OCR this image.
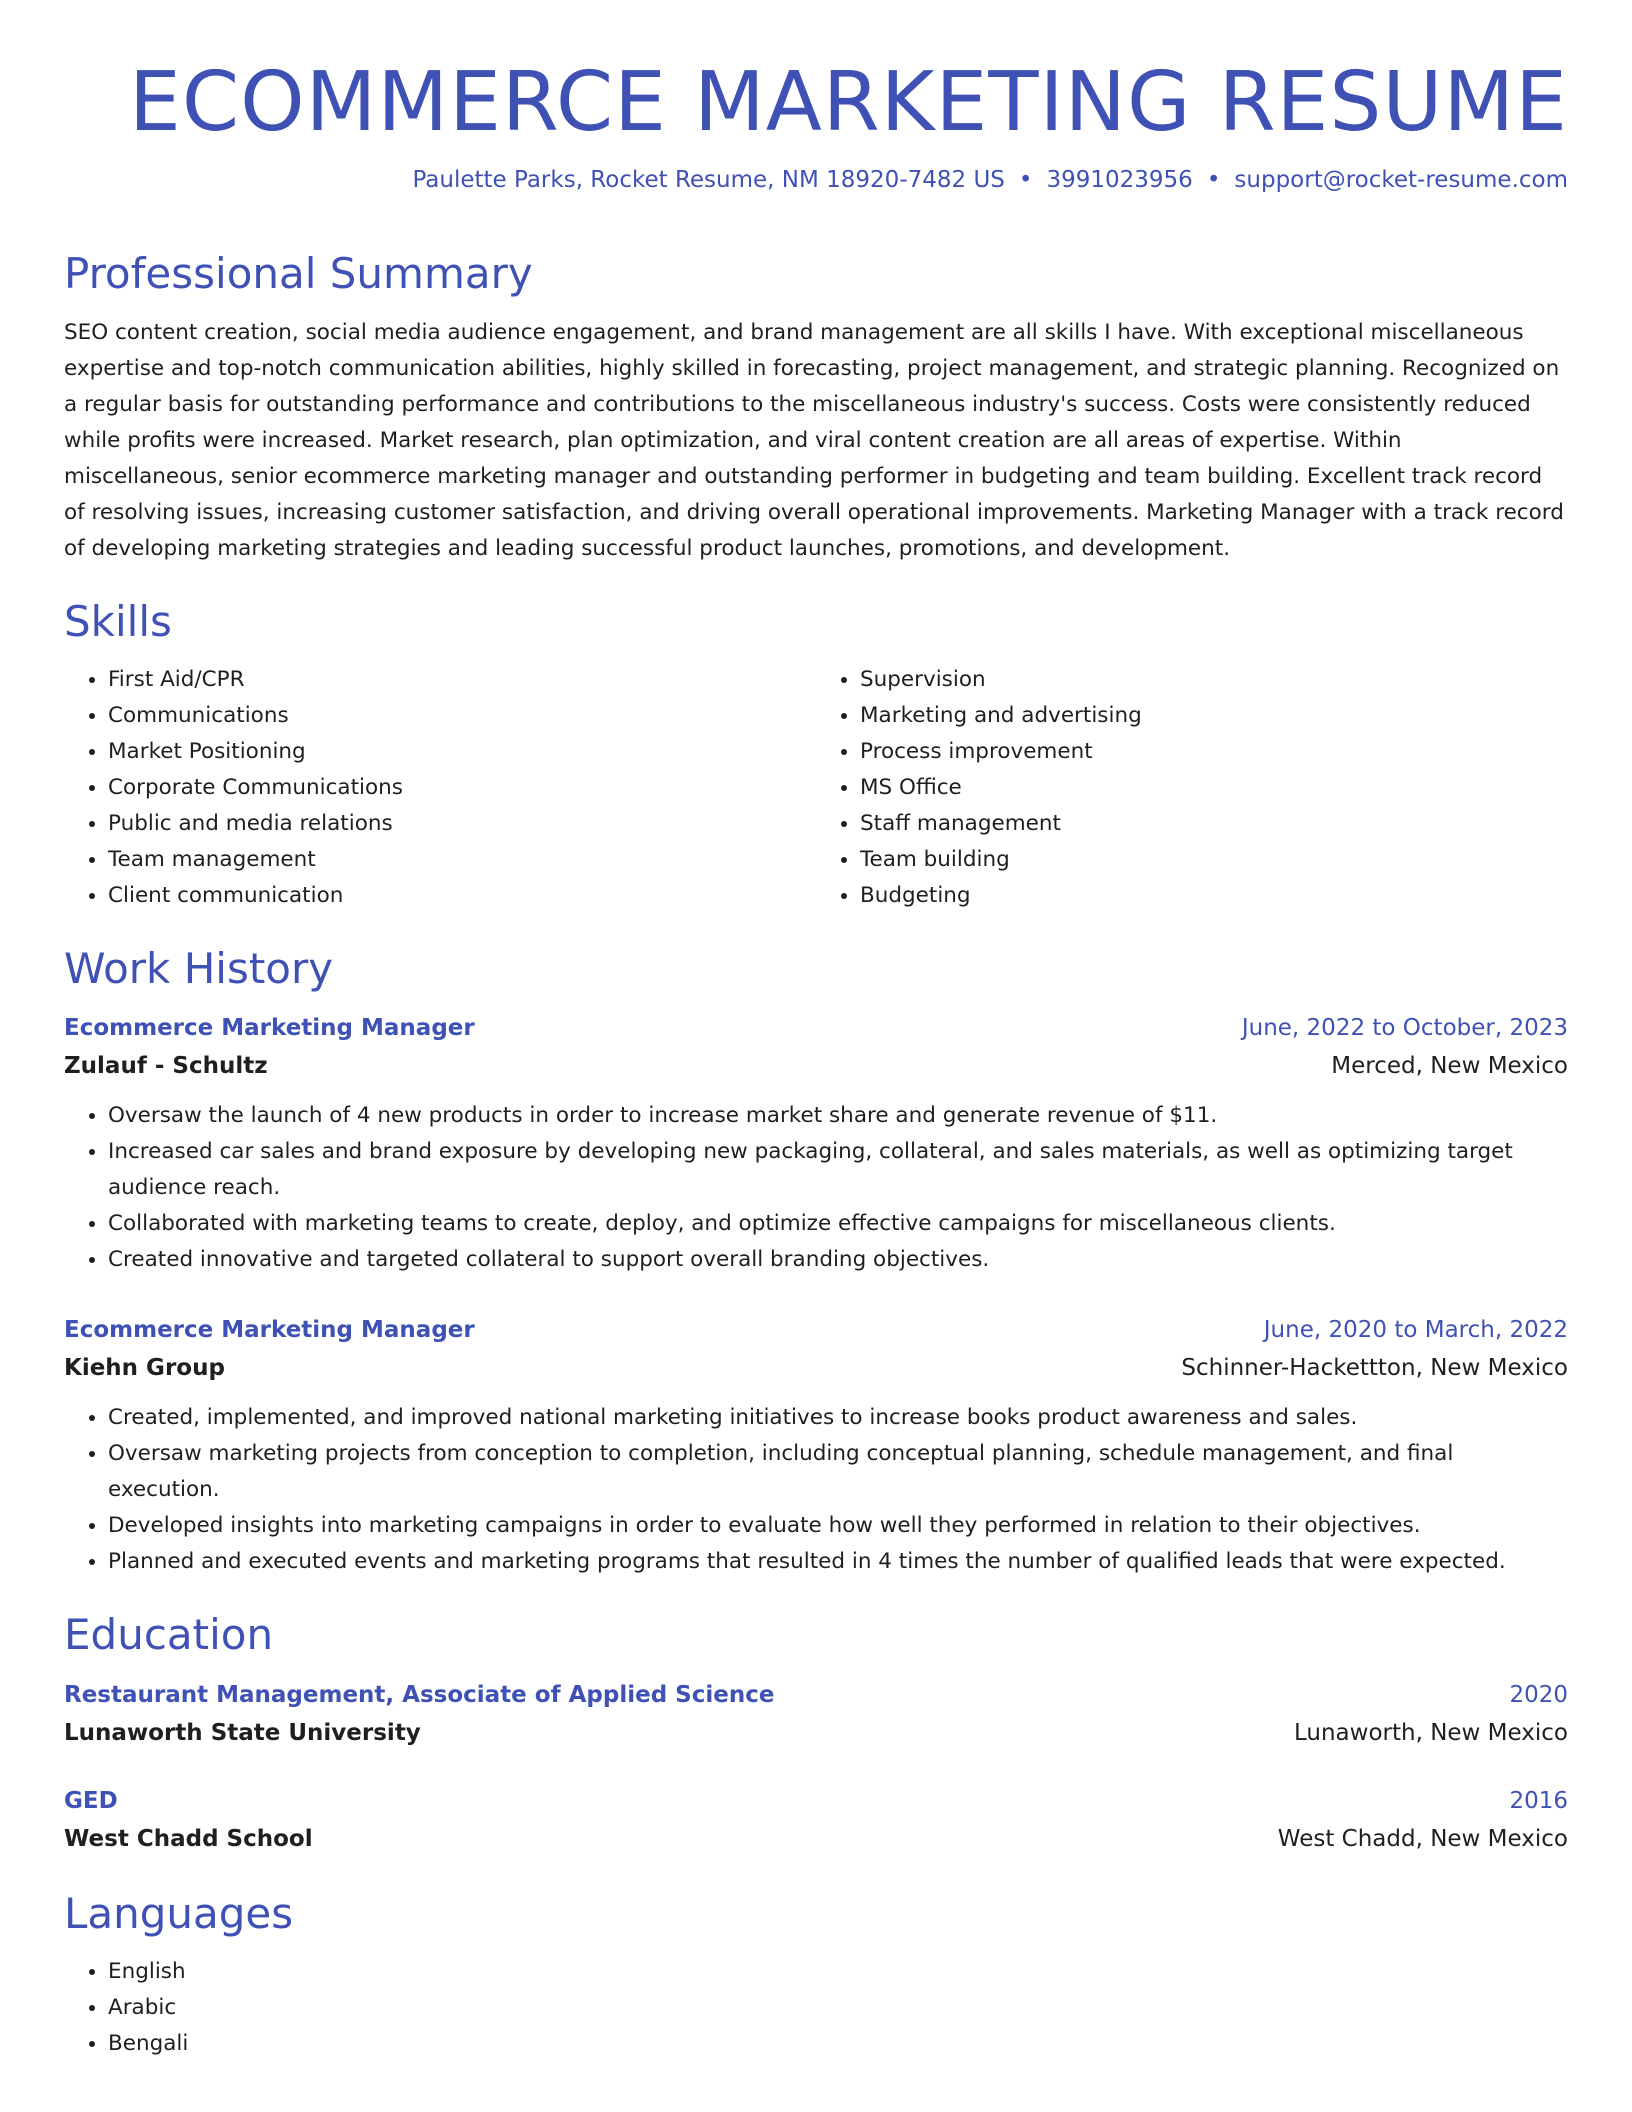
ECOMMERCE MARKETING RESUME
Paulette Parks, Rocket Resume, NM 18920-7482 US • 3991023956 • support@rocket-resume.com
Professional Summary

SEO content creation, social media audience engagement, and brand management are all skills I have. With exceptional miscellaneous expertise and top-notch communication abilities, highly skilled in forecasting, project management, and strategic planning. Recognized on a regular basis for outstanding performance and contributions to the miscellaneous industry's success. Costs were consistently reduced while profits were increased. Market research, plan optimization, and viral content creation are all areas of expertise. Within miscellaneous, senior ecommerce marketing manager and outstanding performer in budgeting and team building. Excellent track record of resolving issues, increasing customer satisfaction, and driving overall operational improvements. Marketing Manager with a track record of developing marketing strategies and leading successful product launches, promotions, and development.

Skills
• First Aid/CPR
• Communications
• Market Positioning
• Corporate Communications
• Public and media relations
• Team management
• Client communication
• Supervision
• Marketing and advertising
• Process improvement
• MS Office
• Staff management
• Team building
• Budgeting
Work History
Ecommerce Marketing Manager	June, 2022 to October, 2023
Zulauf - Schultz	Merced, New Mexico
• Oversaw the launch of 4 new products in order to increase market share and generate revenue of $11.
• Increased car sales and brand exposure by developing new packaging, collateral, and sales materials, as well as optimizing target audience reach.
• Collaborated with marketing teams to create, deploy, and optimize effective campaigns for miscellaneous clients.
• Created innovative and targeted collateral to support overall branding objectives.
Ecommerce Marketing Manager	June, 2020 to March, 2022
Kiehn Group	Schinner-Hackettton, New Mexico
• Created, implemented, and improved national marketing initiatives to increase books product awareness and sales.
• Oversaw marketing projects from conception to completion, including conceptual planning, schedule management, and final execution.
• Developed insights into marketing campaigns in order to evaluate how well they performed in relation to their objectives.
• Planned and executed events and marketing programs that resulted in 4 times the number of qualified leads that were expected.
Education
Restaurant Management, Associate of Applied Science	2020
Lunaworth State University	Lunaworth, New Mexico
GED	2016
West Chadd School	West Chadd, New Mexico
Languages
• English
• Arabic
• Bengali
